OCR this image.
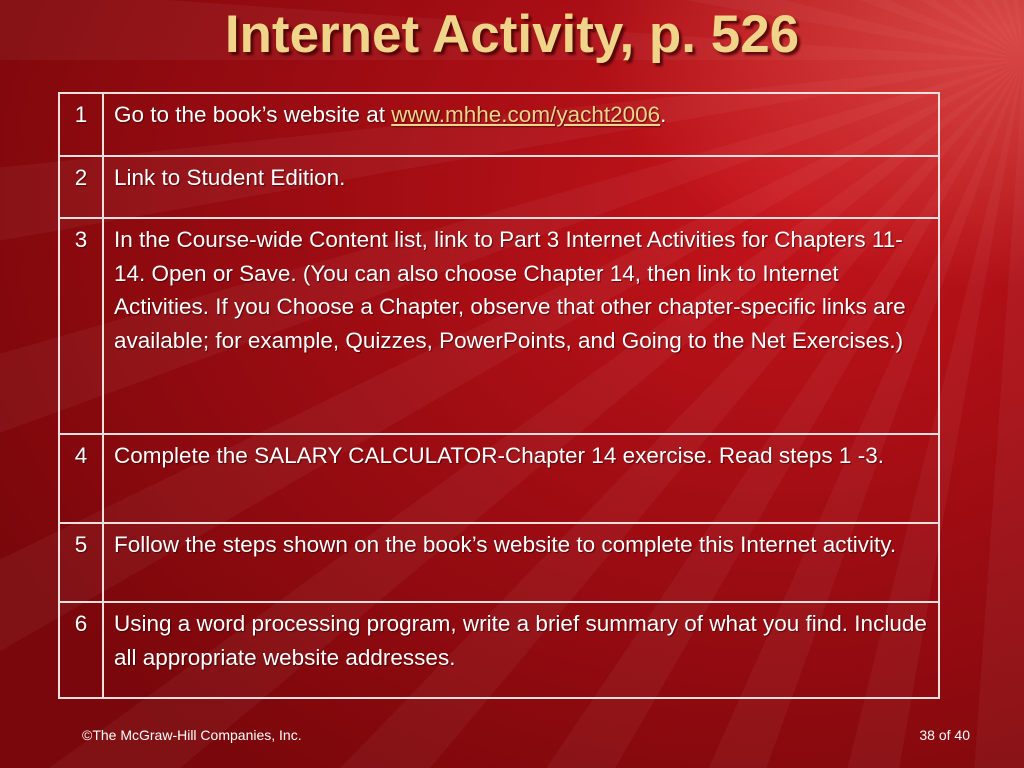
Internet Activity, p. 526
1	Go to the book’s website at www.mhhe.com/yacht2006.
2	Link to Student Edition.
3	In the Course-wide Content list, link to Part 3 Internet Activities for Chapters 11-14. Open or Save. (You can also choose Chapter 14, then link to Internet Activities. If you Choose a Chapter, observe that other chapter-specific links are available; for example, Quizzes, PowerPoints, and Going to the Net Exercises.)
4	Complete the SALARY CALCULATOR-Chapter 14 exercise. Read steps 1 -3.
5	Follow the steps shown on the book’s website to complete this Internet activity.
6	Using a word processing program, write a brief summary of what you find. Include all appropriate website addresses.
©The McGraw-Hill Companies, Inc.	38 of 40
